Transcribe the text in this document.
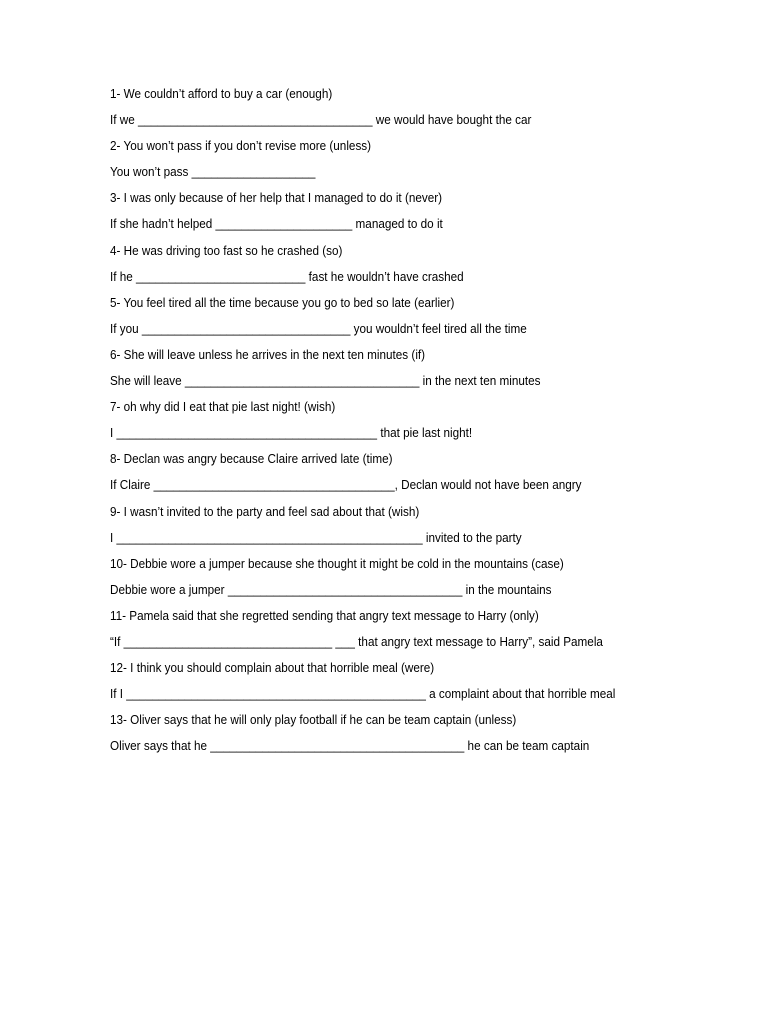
1- We couldn’t afford to buy a car (enough)
If we ____________________________________ we would have bought the car
2- You won’t pass if you don’t revise more (unless)
You won’t pass ___________________
3- I was only because of her help that I managed to do it (never)
If she hadn’t helped _____________________ managed to do it
4- He was driving too fast so he crashed (so)
If he __________________________ fast he wouldn’t have crashed
5- You feel tired all the time because you go to bed so late (earlier)
If you ________________________________ you wouldn’t feel tired all the time
6- She will leave unless he arrives in the next ten minutes (if)
She will leave ____________________________________ in the next ten minutes
7- oh why did I eat that pie last night! (wish)
I ________________________________________ that pie last night!
8- Declan was angry because Claire arrived late (time)
If Claire _____________________________________, Declan would not have been angry
9- I wasn’t invited to the party and feel sad about that (wish)
I _______________________________________________ invited to the party
10- Debbie wore a jumper because she thought it might be cold in the mountains (case)
Debbie wore a jumper ____________________________________ in the mountains
11- Pamela said that she regretted sending that angry text message to Harry (only)
“If ________________________________ ___ that angry text message to Harry”, said Pamela
12- I think you should complain about that horrible meal (were)
If I ______________________________________________ a complaint about that horrible meal
13- Oliver says that he will only play football if he can be team captain (unless)
Oliver says that he _______________________________________ he can be team captain
